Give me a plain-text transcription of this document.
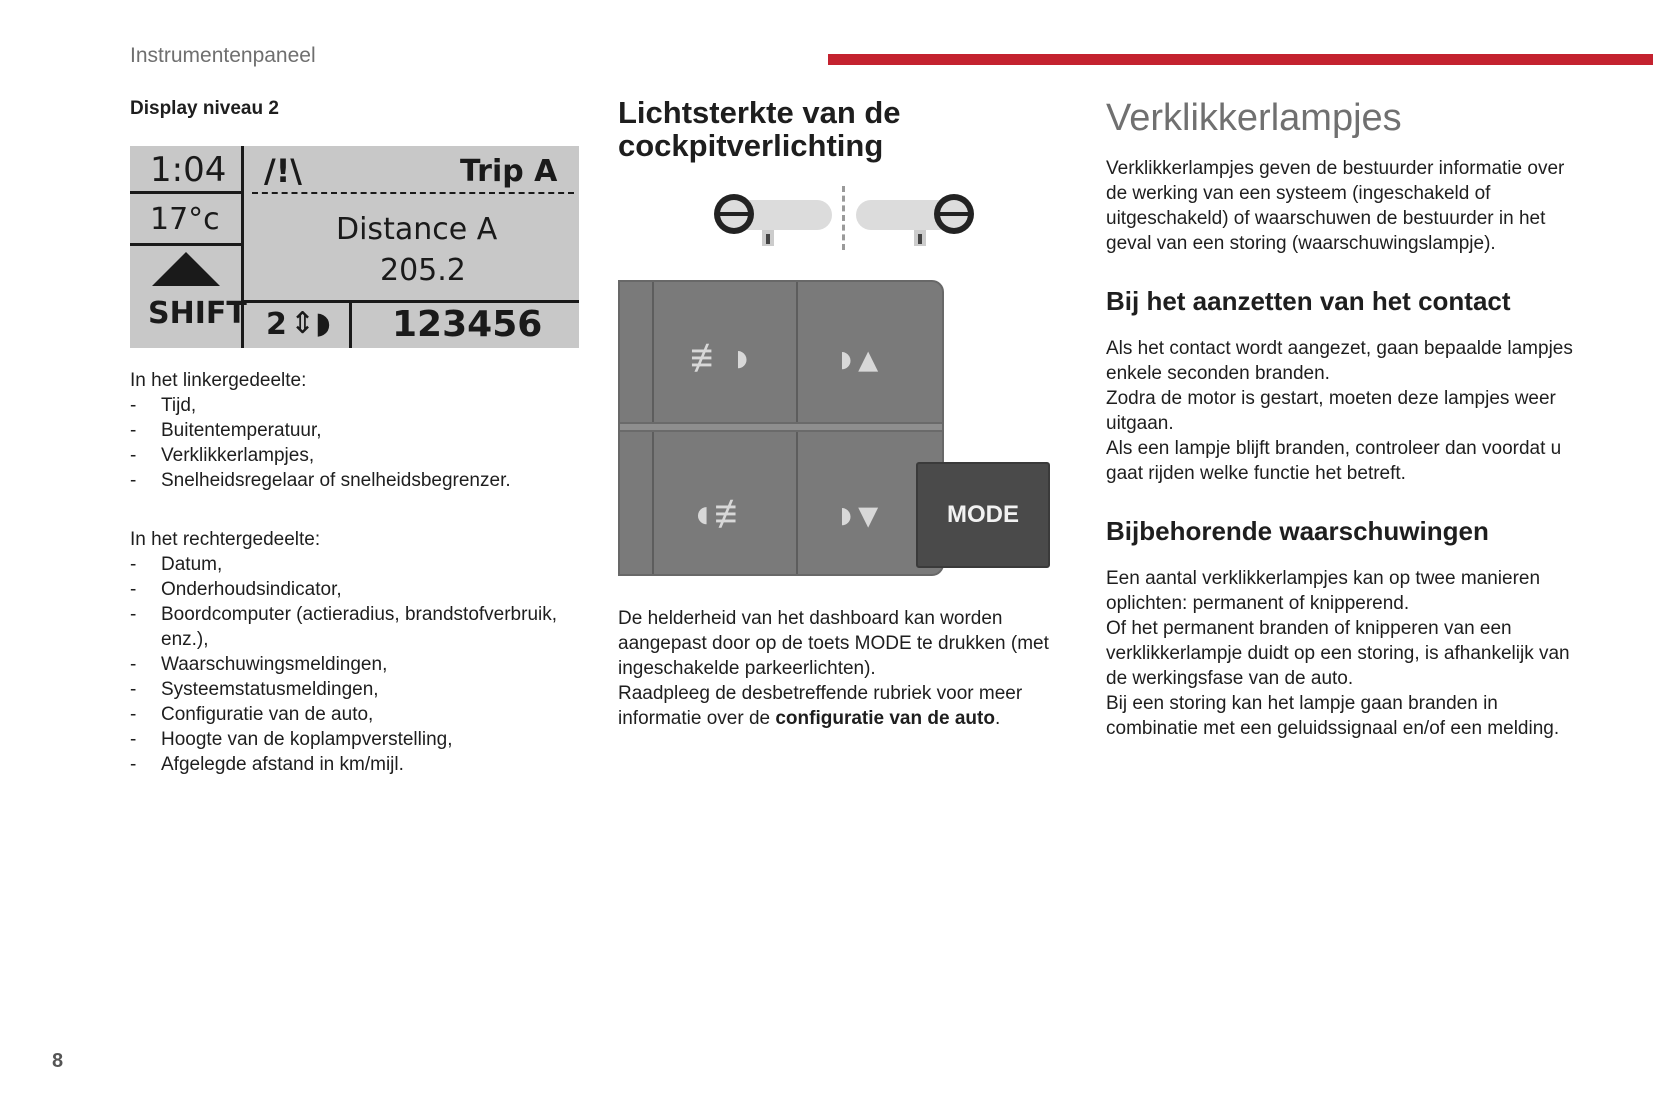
Instrumentenpaneel
Display niveau 2
1:04
17°c
SHIFT
/!\	Trip A
Distance A
205.2
2 ⇕◗ 123456
In het linkergedeelte:
- Tijd,
- Buitentemperatuur,
- Verklikkerlampjes,
- Snelheidsregelaar of snelheidsbegrenzer.
In het rechtergedeelte:
- Datum,
- Onderhoudsindicator,
- Boordcomputer (actieradius, brandstofverbruik, enz.),
- Waarschuwingsmeldingen,
- Systeemstatusmeldingen,
- Configuratie van de auto,
- Hoogte van de koplampverstelling,
- Afgelegde afstand in km/mijl.
Lichtsterkte van de cockpitverlichting
≢◗ ◗▴
◖≢ ◗▾	MODE
De helderheid van het dashboard kan worden aangepast door op de toets MODE te drukken (met ingeschakelde parkeerlichten).
Raadpleeg de desbetreffende rubriek voor meer informatie over de configuratie van de auto.
Verklikkerlampjes
Verklikkerlampjes geven de bestuurder informatie over de werking van een systeem (ingeschakeld of uitgeschakeld) of waarschuwen de bestuurder in het geval van een storing (waarschuwingslampje).
Bij het aanzetten van het contact
Als het contact wordt aangezet, gaan bepaalde lampjes enkele seconden branden.
Zodra de motor is gestart, moeten deze lampjes weer uitgaan.
Als een lampje blijft branden, controleer dan voordat u gaat rijden welke functie het betreft.
Bijbehorende waarschuwingen
Een aantal verklikkerlampjes kan op twee manieren oplichten: permanent of knipperend.
Of het permanent branden of knipperen van een verklikkerlampje duidt op een storing, is afhankelijk van de werkingsfase van de auto.
Bij een storing kan het lampje gaan branden in combinatie met een geluidssignaal en/of een melding.
8
